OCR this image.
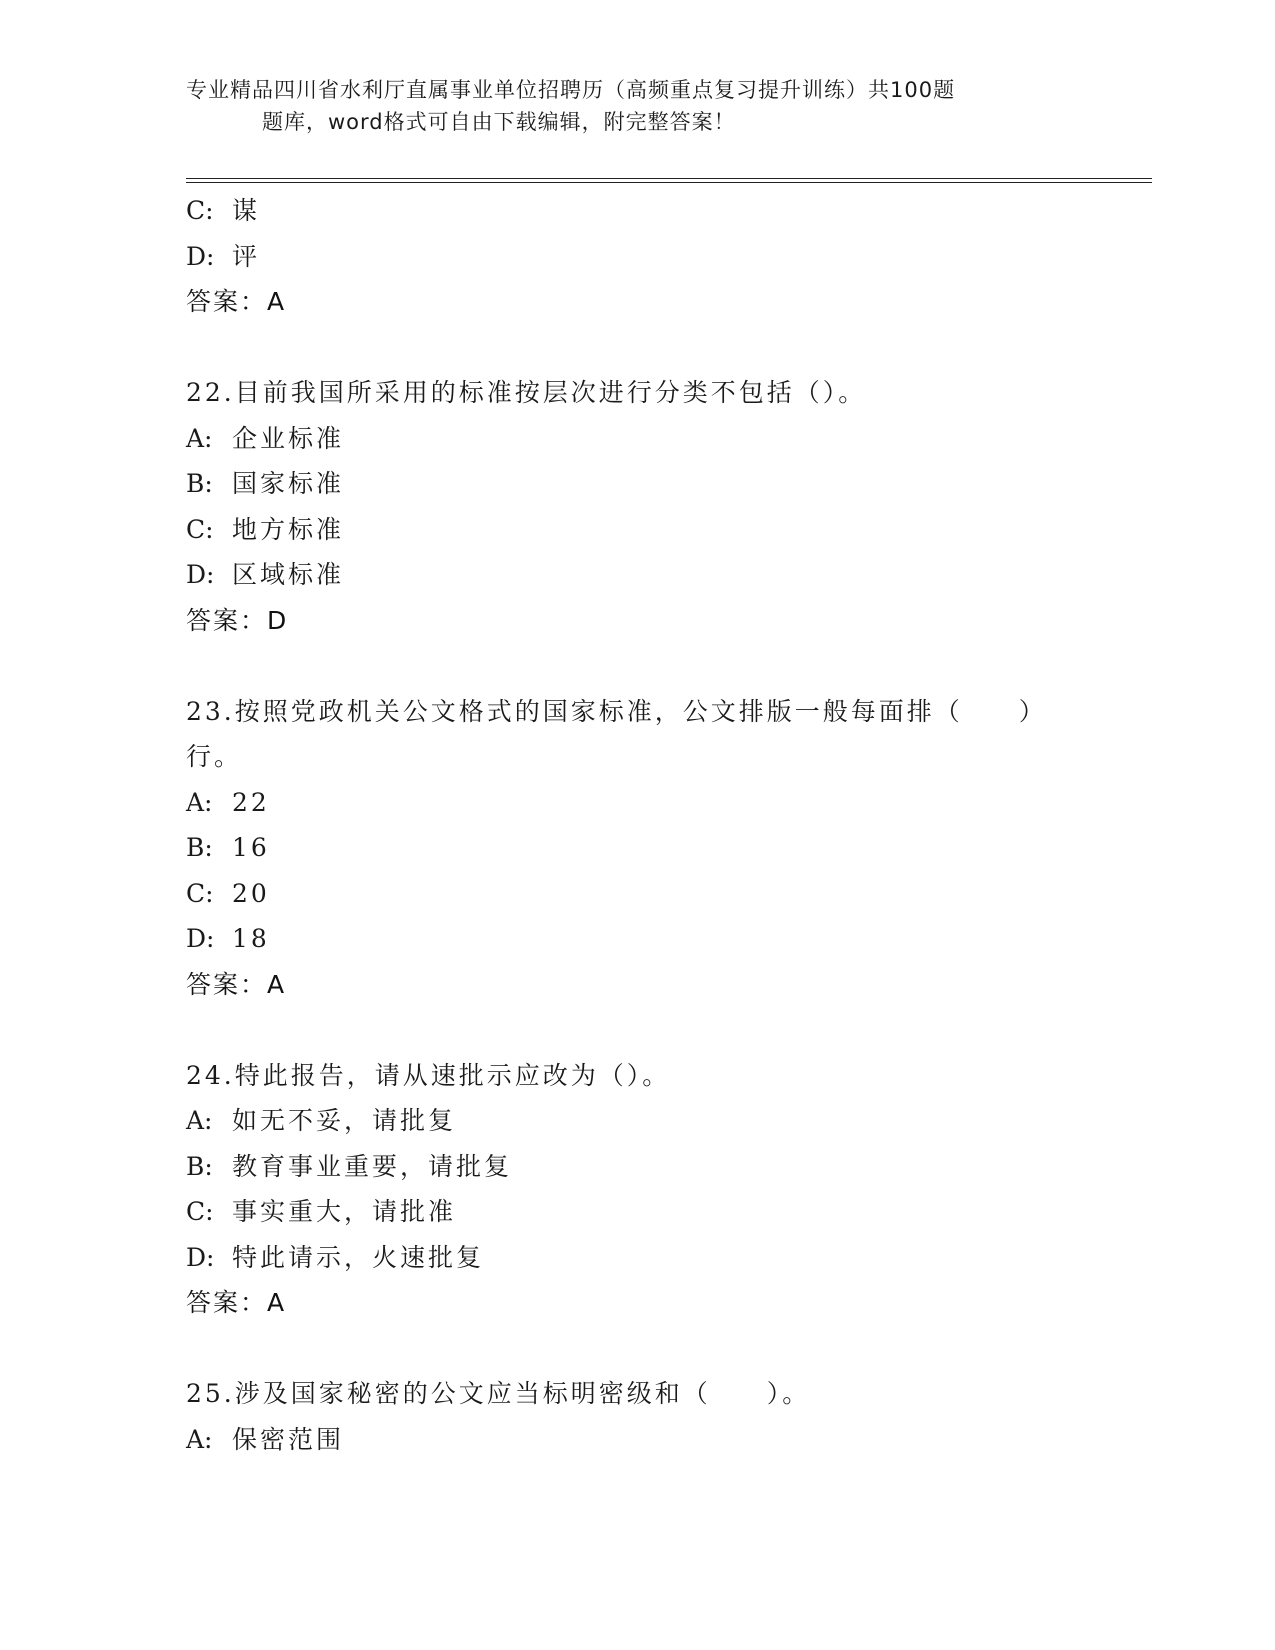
专业精品四川省水利厅直属事业单位招聘历（高频重点复习提升训练）共100题
题库，word格式可自由下载编辑，附完整答案！
C: 谋
D: 评
答案：A
22.目前我国所采用的标准按层次进行分类不包括（）。
A: 企业标准
B: 国家标准
C: 地方标准
D: 区域标准
答案：D
23.按照党政机关公文格式的国家标准，公文排版一般每面排（　　）
行。
A: 22
B: 16
C: 20
D: 18
答案：A
24.特此报告，请从速批示应改为（）。
A: 如无不妥，请批复
B: 教育事业重要，请批复
C: 事实重大，请批准
D: 特此请示，火速批复
答案：A
25.涉及国家秘密的公文应当标明密级和（　　）。
A: 保密范围
